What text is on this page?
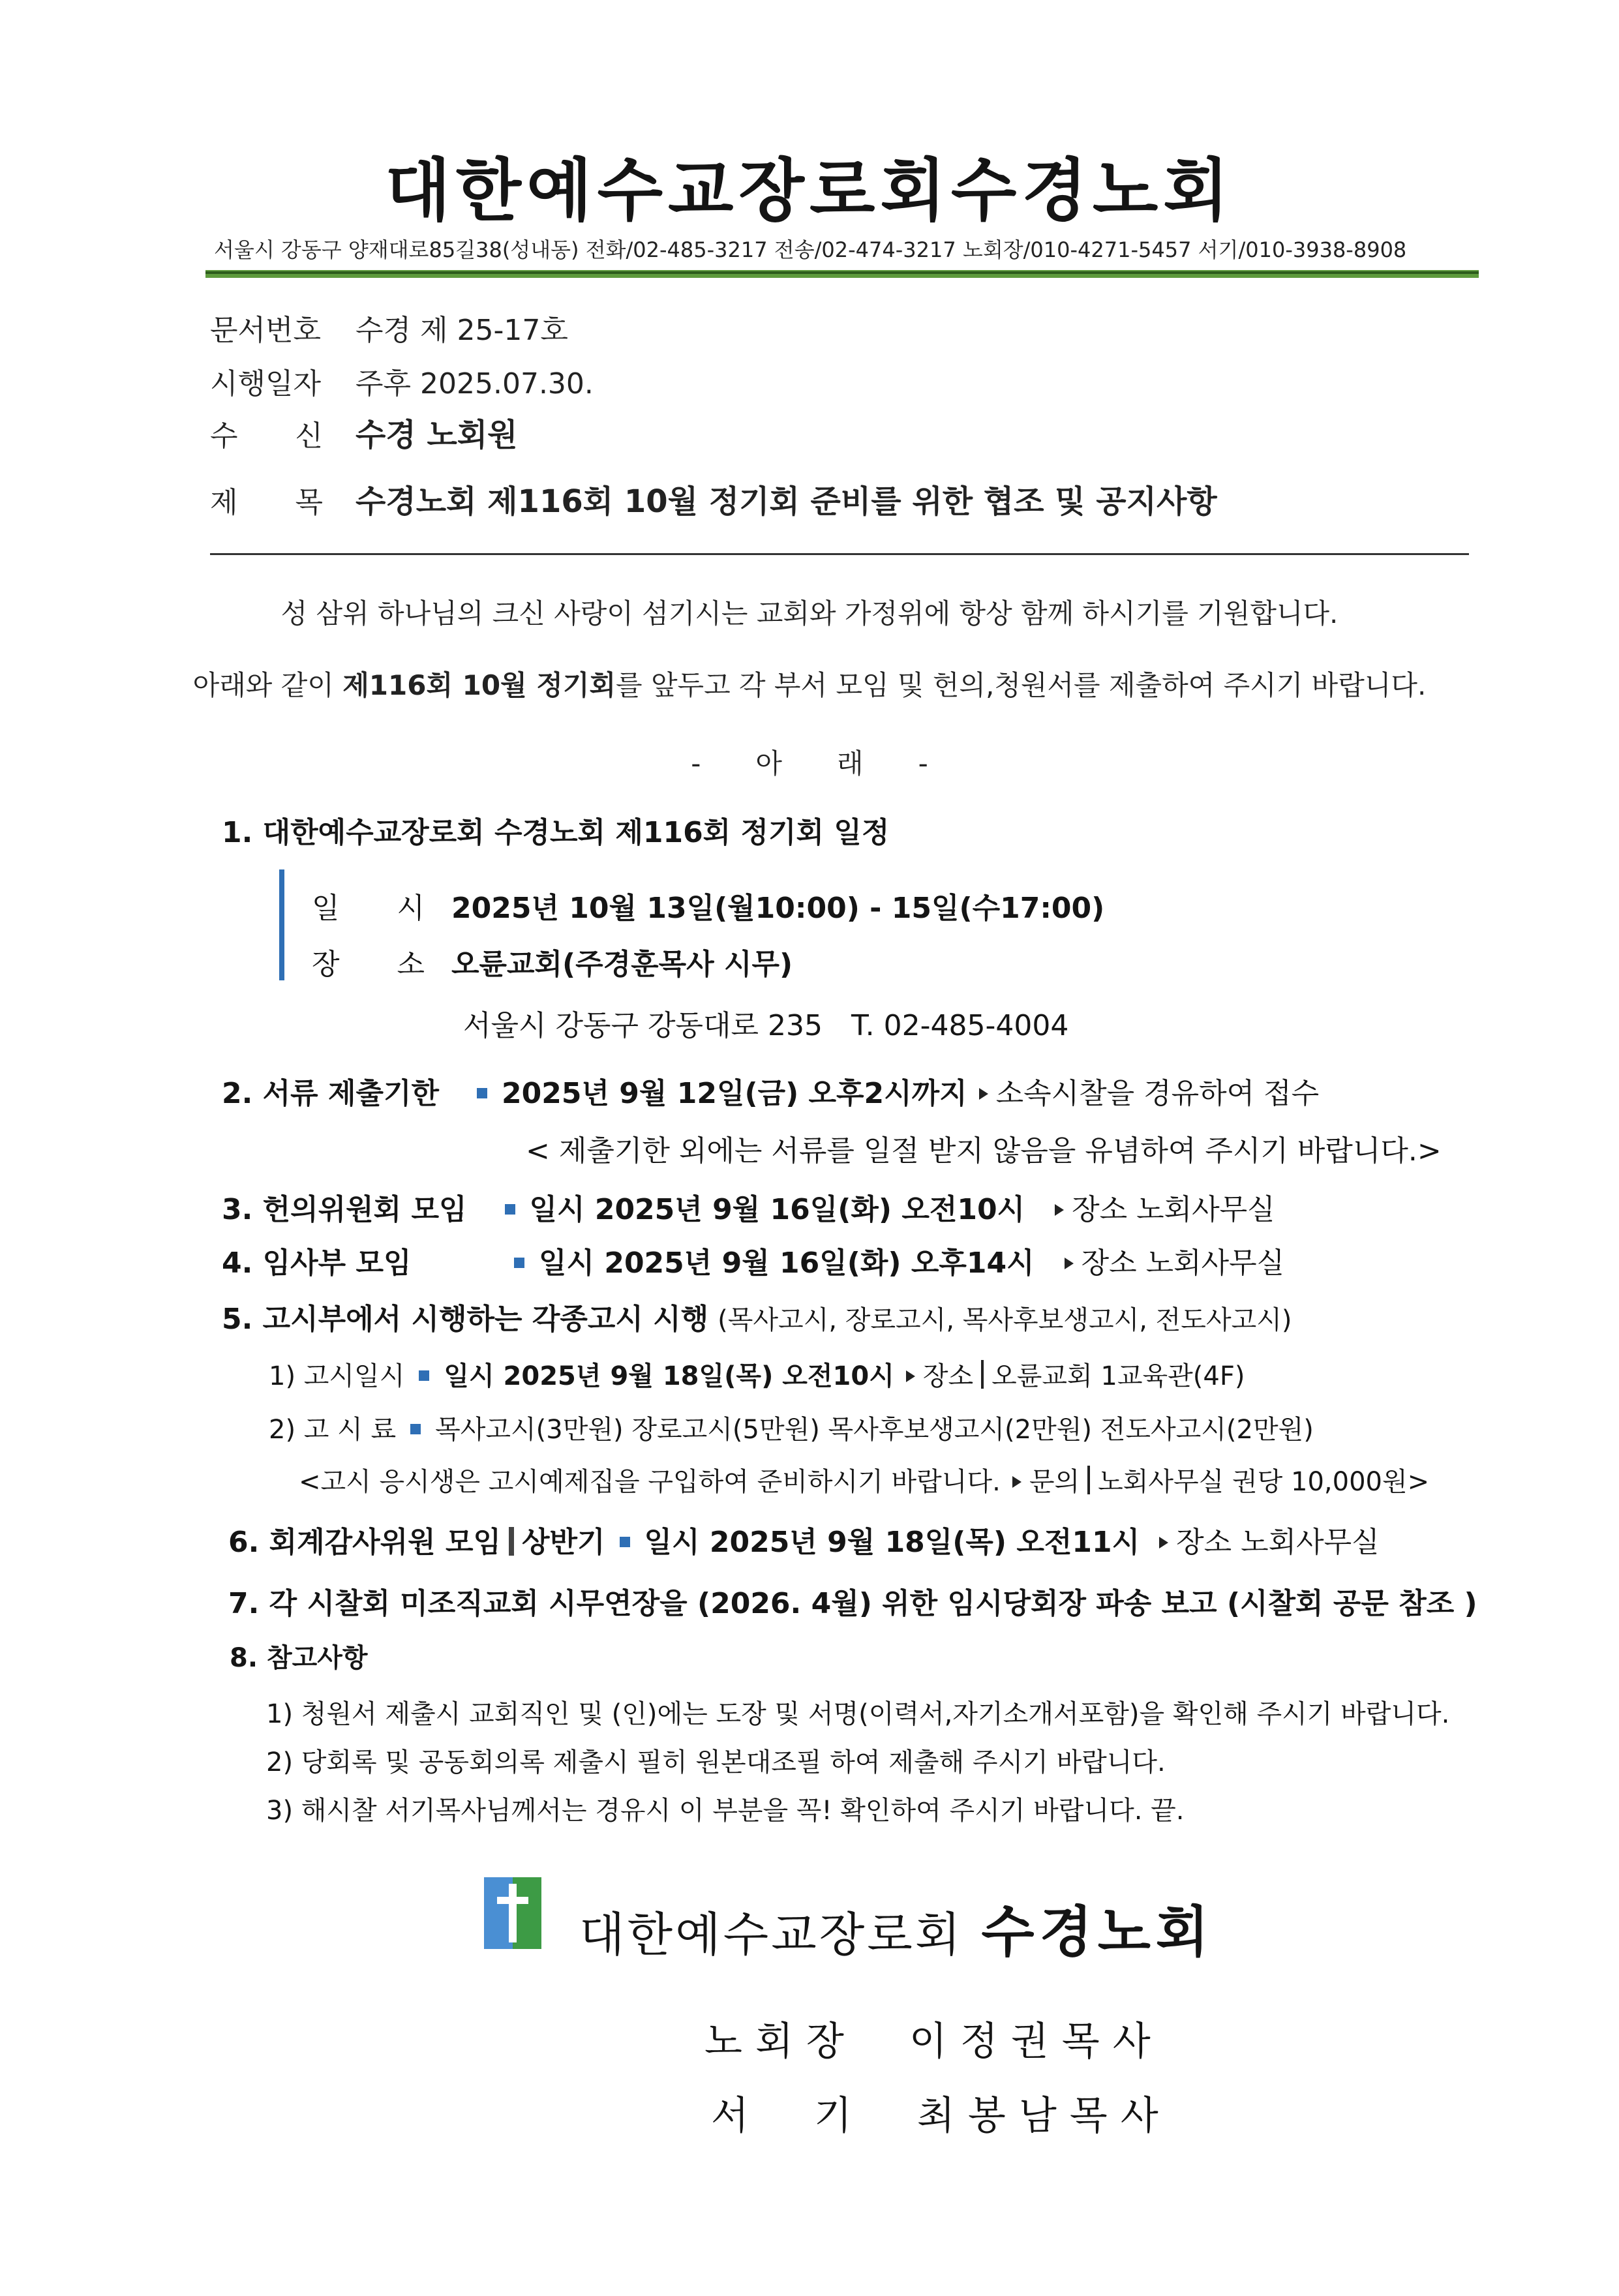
대한예수교장로회수경노회
서울시 강동구 양재대로85길38(성내동) 전화/02-485-3217 전송/02-474-3217 노회장/010-4271-5457 서기/010-3938-8908
문서번호 수경 제 25-17호
시행일자 주후 2025.07.30.
수　　신 수경 노회원
제　　목 수경노회 제116회 10월 정기회 준비를 위한 협조 및 공지사항
성 삼위 하나님의 크신 사랑이 섬기시는 교회와 가정위에 항상 함께 하시기를 기원합니다.
아래와 같이 제116회 10월 정기회를 앞두고 각 부서 모임 및 헌의,청원서를 제출하여 주시기 바랍니다.
-　　아　　래　　-
1. 대한예수교장로회 수경노회 제116회 정기회 일정
일　　시 2025년 10월 13일(월10:00) - 15일(수17:00)
장　　소 오륜교회(주경훈목사 시무)
서울시 강동구 강동대로 235　T. 02-485-4004
2. 서류 제출기한 2025년 9월 12일(금) 오후2시까지 소속시찰을 경유하여 접수
< 제출기한 외에는 서류를 일절 받지 않음을 유념하여 주시기 바랍니다.>
3. 헌의위원회 모임 일시 2025년 9월 16일(화) 오전10시 장소 노회사무실
4. 임사부 모임	일시 2025년 9월 16일(화) 오후14시 장소 노회사무실
5. 고시부에서 시행하는 각종고시 시행 (목사고시, 장로고시, 목사후보생고시, 전도사고시)
1) 고시일시 일시 2025년 9월 18일(목) 오전10시 장소 오륜교회 1교육관(4F)
2) 고 시 료 목사고시(3만원) 장로고시(5만원) 목사후보생고시(2만원) 전도사고시(2만원)
<고시 응시생은 고시예제집을 구입하여 준비하시기 바랍니다. 문의 노회사무실 권당 10,000원>
6. 회계감사위원 모임 상반기 일시 2025년 9월 18일(목) 오전11시 장소 노회사무실
7. 각 시찰회 미조직교회 시무연장을 (2026. 4월) 위한 임시당회장 파송 보고 (시찰회 공문 참조 )
8. 참고사항
1) 청원서 제출시 교회직인 및 (인)에는 도장 및 서명(이력서,자기소개서포함)을 확인해 주시기 바랍니다.
2) 당회록 및 공동회의록 제출시 필히 원본대조필 하여 제출해 주시기 바랍니다.
3) 해시찰 서기목사님께서는 경유시 이 부분을 꼭! 확인하여 주시기 바랍니다. 끝.
대한예수교장로회 수경노회
노회장　이정권목사
서　기　최봉남목사
